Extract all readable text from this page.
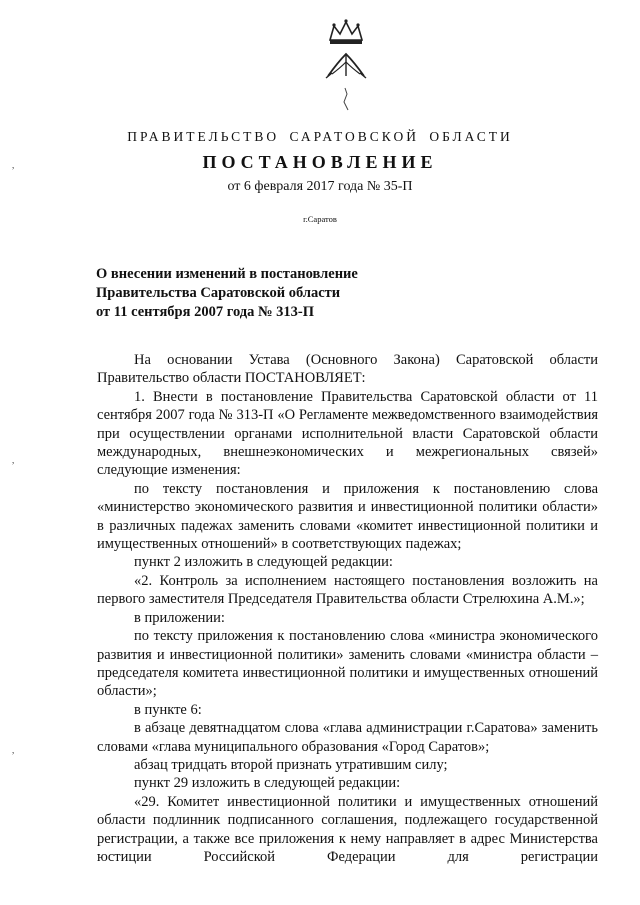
ПРАВИТЕЛЬСТВО САРАТОВСКОЙ ОБЛАСТИ
ПОСТАНОВЛЕНИЕ
от 6 февраля 2017 года № 35-П
г.Саратов
О внесении изменений в постановление
Правительства Саратовской области
от 11 сентября 2007 года № 313-П

На основании Устава (Основного Закона) Саратовской области Правительство области ПОСТАНОВЛЯЕТ:

1. Внести в постановление Правительства Саратовской области от 11 сентября 2007 года № 313-П «О Регламенте межведомственного взаимодействия при осуществлении органами исполнительной власти Саратовской области международных, внешнеэкономических и межрегиональных связей» следующие изменения:

по тексту постановления и приложения к постановлению слова «министерство экономического развития и инвестиционной политики области» в различных падежах заменить словами «комитет инвестиционной политики и имущественных отношений» в соответствующих падежах;

пункт 2 изложить в следующей редакции:

«2. Контроль за исполнением настоящего постановления возложить на первого заместителя Председателя Правительства области Стрелюхина А.М.»;

в приложении:

по тексту приложения к постановлению слова «министра экономического развития и инвестиционной политики» заменить словами «министра области – председателя комитета инвестиционной политики и имущественных отношений области»;

в пункте 6:

в абзаце девятнадцатом слова «глава администрации г.Саратова» заменить словами «глава муниципального образования «Город Саратов»;

абзац тридцать второй признать утратившим силу;

пункт 29 изложить в следующей редакции:

«29. Комитет инвестиционной политики и имущественных отношений области подлинник подписанного соглашения, подлежащего государственной регистрации, а также все приложения к нему направляет в адрес Министерства юстиции Российской Федерации для регистрации

,
,
,
